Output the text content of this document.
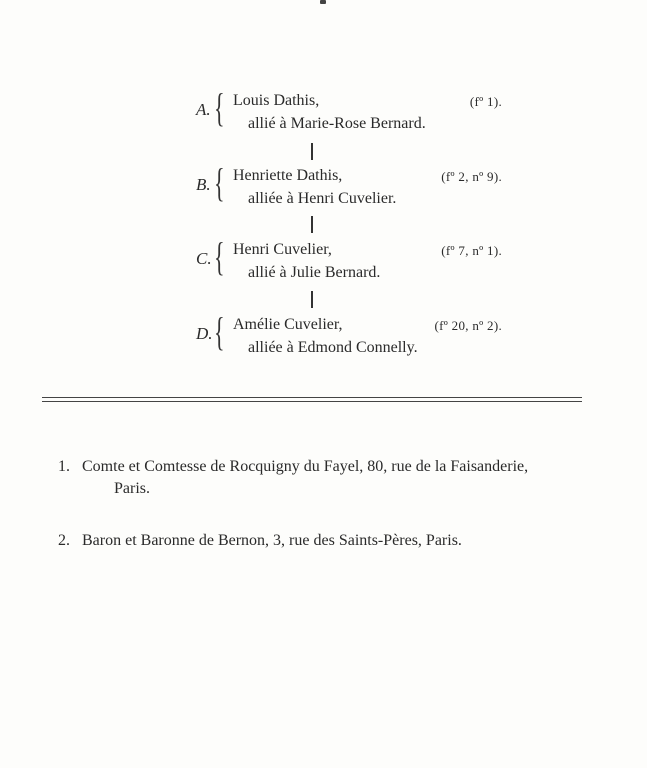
A. { Louis Dathis,	(fº 1).
allié à Marie-Rose Bernard.
B. { Henriette Dathis,	(fº 2, nº 9).
alliée à Henri Cuvelier.
C. { Henri Cuvelier,	(fº 7, nº 1).
allié à Julie Bernard.
D. { Amélie Cuvelier,	(fº 20, nº 2).
alliée à Edmond Connelly.
1. Comte et Comtesse de Rocquigny du Fayel, 80, rue de la Faisanderie,
Paris.
2. Baron et Baronne de Bernon, 3, rue des Saints-Pères, Paris.
